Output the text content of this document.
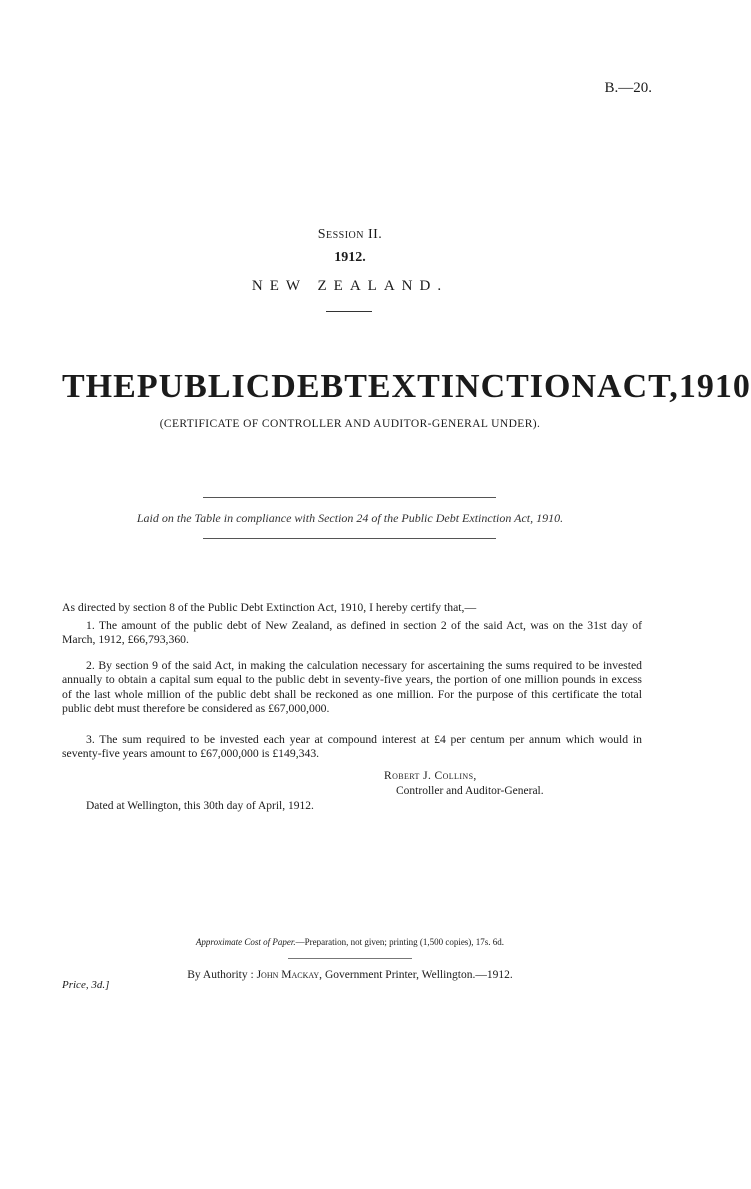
B.—20.
Session II.
1912.
NEW ZEALAND.
THE PUBLIC DEBT EXTINCTION ACT, 1910
(CERTIFICATE OF CONTROLLER AND AUDITOR-GENERAL UNDER).
Laid on the Table in compliance with Section 24 of the Public Debt Extinction Act, 1910.
As directed by section 8 of the Public Debt Extinction Act, 1910, I hereby certify that,—
1. The amount of the public debt of New Zealand, as defined in section 2 of the said Act, was on the 31st day of March, 1912, £66,793,360.
2. By section 9 of the said Act, in making the calculation necessary for ascertaining the sums required to be invested annually to obtain a capital sum equal to the public debt in seventy-five years, the portion of one million pounds in excess of the last whole million of the public debt shall be reckoned as one million. For the purpose of this certificate the total public debt must therefore be considered as £67,000,000.
3. The sum required to be invested each year at compound interest at £4 per centum per annum which would in seventy-five years amount to £67,000,000 is £149,343.
Robert J. Collins,
Controller and Auditor-General.
Dated at Wellington, this 30th day of April, 1912.
Approximate Cost of Paper.—Preparation, not given; printing (1,500 copies), 17s. 6d.
By Authority : John Mackay, Government Printer, Wellington.—1912.
Price, 3d.]
